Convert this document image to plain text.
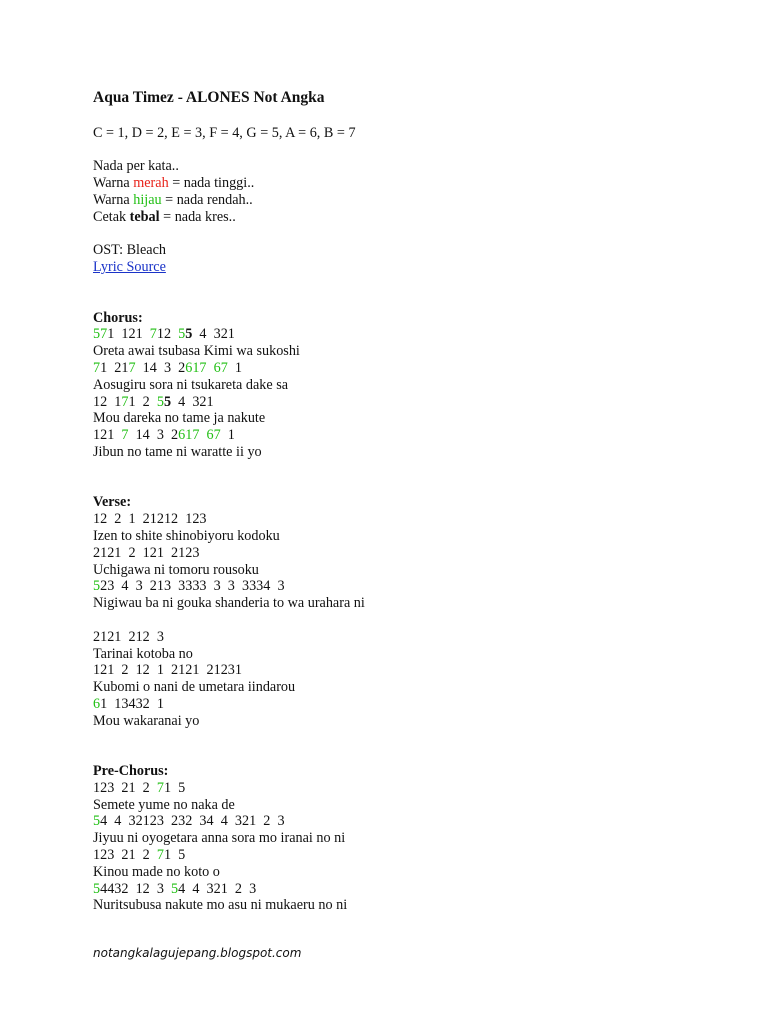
Aqua Timez - ALONES Not Angka
C = 1, D = 2, E = 3, F = 4, G = 5, A = 6, B = 7
Nada per kata..
Warna merah = nada tinggi..
Warna hijau = nada rendah..
Cetak tebal = nada kres..
OST: Bleach
Lyric Source
Chorus:
571  121  712  55  4  321
Oreta awai tsubasa Kimi wa sukoshi
71  217  14  3  2617 67  1
Aosugiru sora ni tsukareta dake sa
12  171  2  55  4  321
Mou dareka no tame ja nakute
121  7  14  3  2617 67  1
Jibun no tame ni waratte ii yo
Verse:
12  2  1  21212  123
Izen to shite shinobiyoru kodoku
2121  2  121  2123
Uchigawa ni tomoru rousoku
523  4  3  213  3333  3  3  3334  3
Nigiwau ba ni gouka shanderia to wa urahara ni
2121  212  3
Tarinai kotoba no
121  2  12  1  2121  21231
Kubomi o nani de umetara iindarou
61  13432  1
Mou wakaranai yo
Pre-Chorus:
123  21  2  71  5
Semete yume no naka de
54  4  32123  232  34  4  321  2  3
Jiyuu ni oyogetara anna sora mo iranai no ni
123  21  2  71  5
Kinou made no koto o
54432  12  3  54  4  321  2  3
Nuritsubusa nakute mo asu ni mukaeru no ni
notangkalagujepang.blogspot.com
